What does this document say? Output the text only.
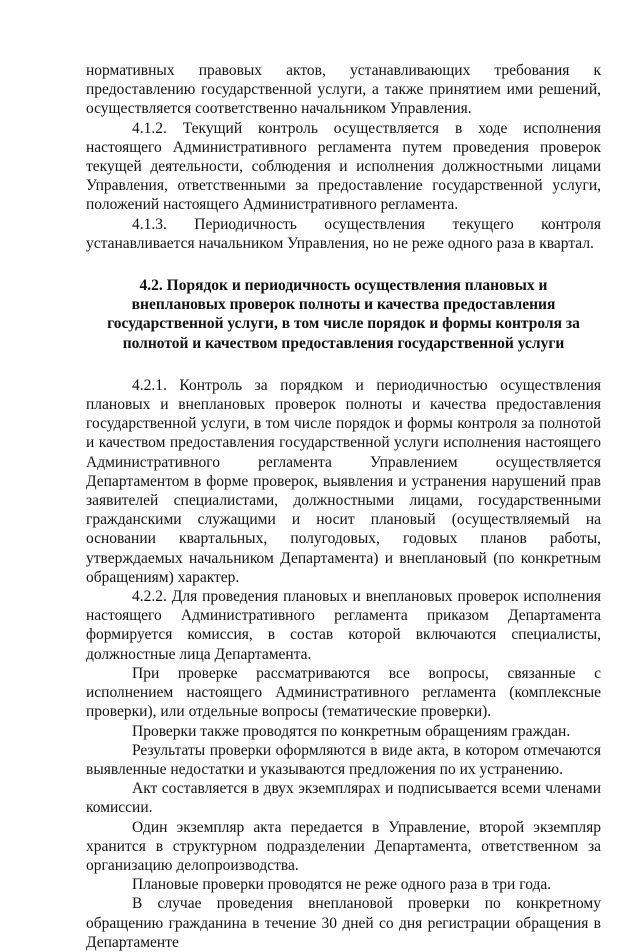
нормативных правовых актов, устанавливающих требования к предоставлению государственной услуги, а также принятием ими решений, осуществляется соответственно начальником Управления.

4.1.2. Текущий контроль осуществляется в ходе исполнения настоящего Административного регламента путем проведения проверок текущей деятельности, соблюдения и исполнения должностными лицами Управления, ответственными за предоставление государственной услуги, положений настоящего Административного регламента.

4.1.3. Периодичность осуществления текущего контроля устанавливается начальником Управления, но не реже одного раза в квартал.

4.2. Порядок и периодичность осуществления плановых и внеплановых проверок полноты и качества предоставления государственной услуги, в том числе порядок и формы контроля за полнотой и качеством предоставления государственной услуги

4.2.1. Контроль за порядком и периодичностью осуществления плановых и внеплановых проверок полноты и качества предоставления государственной услуги, в том числе порядок и формы контроля за полнотой и качеством предоставления государственной услуги исполнения настоящего Административного регламента Управлением осуществляется Департаментом в форме проверок, выявления и устранения нарушений прав заявителей специалистами, должностными лицами, государственными гражданскими служащими и носит плановый (осуществляемый на основании квартальных, полугодовых, годовых планов работы, утверждаемых начальником Департамента) и внеплановый (по конкретным обращениям) характер.

4.2.2. Для проведения плановых и внеплановых проверок исполнения настоящего Административного регламента приказом Департамента формируется комиссия, в состав которой включаются специалисты, должностные лица Департамента.

При проверке рассматриваются все вопросы, связанные с исполнением настоящего Административного регламента (комплексные проверки), или отдельные вопросы (тематические проверки).

Проверки также проводятся по конкретным обращениям граждан.

Результаты проверки оформляются в виде акта, в котором отмечаются выявленные недостатки и указываются предложения по их устранению.

Акт составляется в двух экземплярах и подписывается всеми членами комиссии.

Один экземпляр акта передается в Управление, второй экземпляр хранится в структурном подразделении Департамента, ответственном за организацию делопроизводства.

Плановые проверки проводятся не реже одного раза в три года.

В случае проведения внеплановой проверки по конкретному обращению гражданина в течение 30 дней со дня регистрации обращения в Департаменте
